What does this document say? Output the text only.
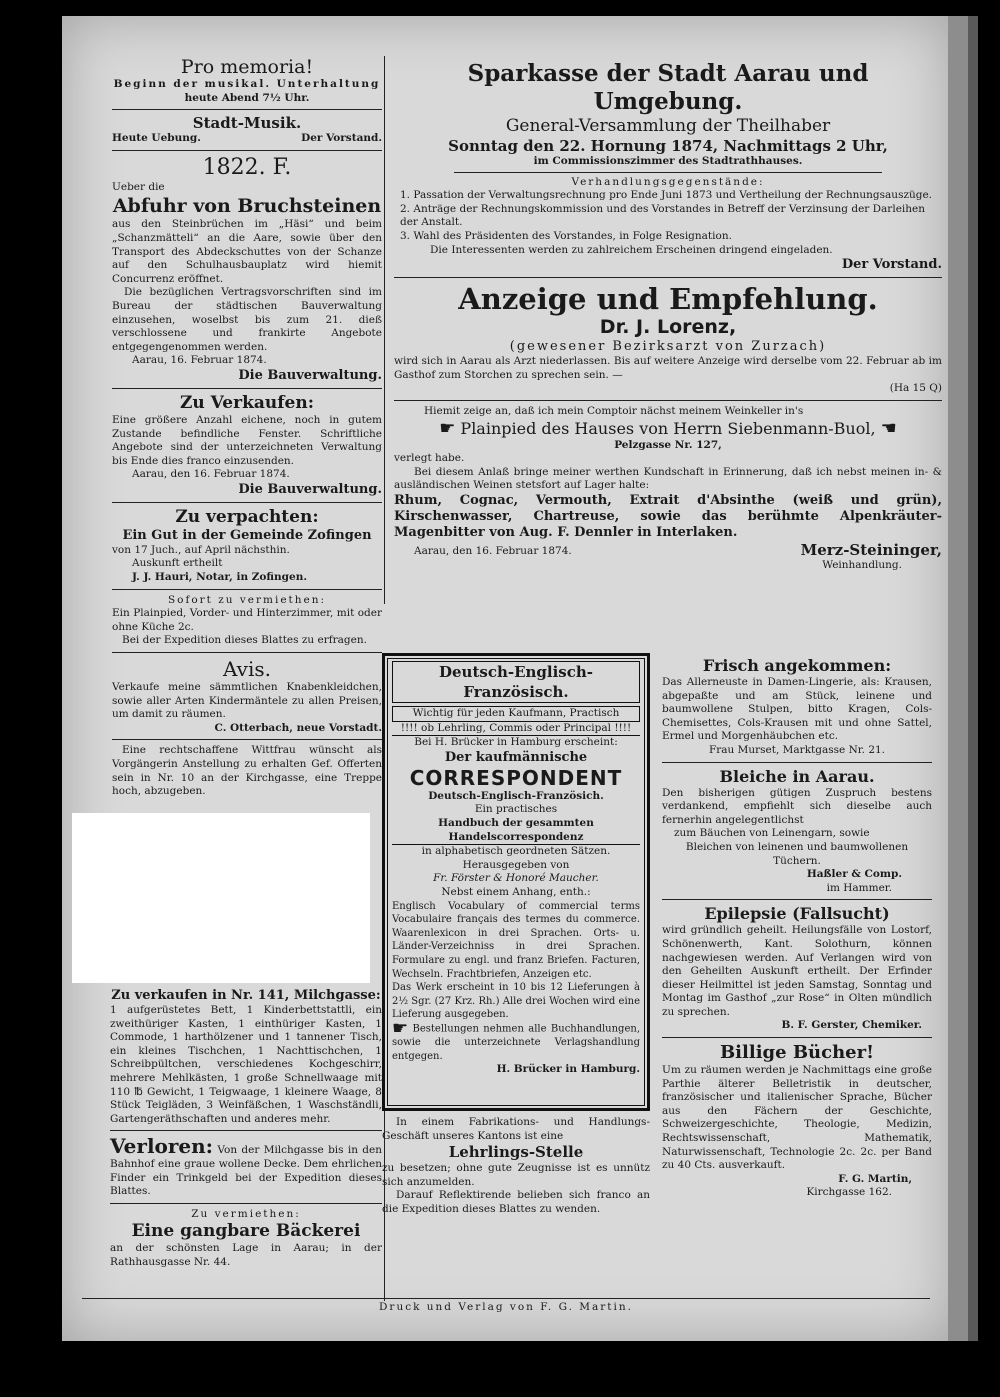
Pro memoria!

Beginn der musikal. Unterhaltung

heute Abend 7½ Uhr.

Stadt-Musik.

Heute Uebung.	Der Vorstand.

1822. F.

Ueber die

Abfuhr von Bruchsteinen

aus den Steinbrüchen im „Häsi“ und beim „Schanzmätteli“ an die Aare, sowie über den Transport des Abdeckschuttes von der Schanze auf den Schulhausbauplatz wird hiemit Concurrenz eröffnet.

Die bezüglichen Vertragsvorschriften sind im Bureau der städtischen Bauverwaltung einzusehen, woselbst bis zum 21. dieß verschlossene und frankirte Angebote entgegengenommen werden.

Aarau, 16. Februar 1874.

Die Bauverwaltung.

Zu Verkaufen:

Eine größere Anzahl eichene, noch in gutem Zustande befindliche Fenster. Schriftliche Angebote sind der unterzeichneten Verwaltung bis Ende dies franco einzusenden.

Aarau, den 16. Februar 1874.

Die Bauverwaltung.

Zu verpachten:

Ein Gut in der Gemeinde Zofingen

von 17 Juch., auf April nächsthin.

Auskunft ertheilt

J. J. Hauri, Notar, in Zofingen.

Sofort zu vermiethen:

Ein Plainpied, Vorder- und Hinterzimmer, mit oder ohne Küche 2c.

Bei der Expedition dieses Blattes zu erfragen.

Avis.

Verkaufe meine sämmtlichen Knabenkleidchen, sowie aller Arten Kindermäntele zu allen Preisen, um damit zu räumen.

C. Otterbach, neue Vorstadt.

Eine rechtschaffene Wittfrau wünscht als Vorgängerin Anstellung zu erhalten Gef. Offerten sein in Nr. 10 an der Kirchgasse, eine Treppe hoch, abzugeben.

Zu verkaufen in Nr. 141, Milchgasse:

1 aufgerüstetes Bett, 1 Kinderbettstattli, ein zweithüriger Kasten, 1 einthüriger Kasten, 1 Commode, 1 harthölzener und 1 tannener Tisch, ein kleines Tischchen, 1 Nachttischchen, 1 Schreibpültchen, verschiedenes Kochgeschirr, mehrere Mehlkästen, 1 große Schnellwaage mit 110 ℔ Gewicht, 1 Teigwaage, 1 kleinere Waage, 8 Stück Teigläden, 3 Weinfäßchen, 1 Waschständli, Gartengeräthschaften und anderes mehr.

Verloren: Von der Milchgasse bis in den Bahnhof eine graue wollene Decke. Dem ehrlichen Finder ein Trinkgeld bei der Expedition dieses Blattes.

Zu vermiethen:

Eine gangbare Bäckerei

an der schönsten Lage in Aarau; in der Rathhausgasse Nr. 44.

Sparkasse der Stadt Aarau und Umgebung.

General-Versammlung der Theilhaber

Sonntag den 22. Hornung 1874, Nachmittags 2 Uhr,

im Commissionszimmer des Stadtrathhauses.

Verhandlungsgegenstände:

1. Passation der Verwaltungsrechnung pro Ende Juni 1873 und Vertheilung der Rechnungsauszüge.

2. Anträge der Rechnungskommission und des Vorstandes in Betreff der Verzinsung der Darleihen der Anstalt.

3. Wahl des Präsidenten des Vorstandes, in Folge Resignation.

Die Interessenten werden zu zahlreichem Erscheinen dringend eingeladen.

Der Vorstand.

Anzeige und Empfehlung.

Dr. J. Lorenz,

(gewesener Bezirksarzt von Zurzach)

wird sich in Aarau als Arzt niederlassen. Bis auf weitere Anzeige wird derselbe vom 22. Februar ab im Gasthof zum Storchen zu sprechen sein. —

(Ha 15 Q)

Hiemit zeige an, daß ich mein Comptoir nächst meinem Weinkeller in's

☛ Plainpied des Hauses von Herrn Siebenmann-Buol, ☚

Pelzgasse Nr. 127,

verlegt habe.

Bei diesem Anlaß bringe meiner werthen Kundschaft in Erinnerung, daß ich nebst meinen in- & ausländischen Weinen stetsfort auf Lager halte:

Rhum, Cognac, Vermouth, Extrait d'Absinthe (weiß und grün), Kirschenwasser, Chartreuse, sowie das berühmte Alpenkräuter-Magenbitter von Aug. F. Dennler in Interlaken.

Aarau, den 16. Februar 1874.	Merz-Steininger,

Weinhandlung.

Deutsch-Englisch-Französisch.

Wichtig für jeden Kaufmann, Practisch

!!!! ob Lehrling, Commis oder Principal !!!!

Bei H. Brücker in Hamburg erscheint:

Der kaufmännische

CORRESPONDENT

Deutsch-Englisch-Französich.

Ein practisches

Handbuch der gesammten Handelscorrespondenz

in alphabetisch geordneten Sätzen.

Herausgegeben von

Fr. Förster & Honoré Maucher.

Nebst einem Anhang, enth.:

Englisch Vocabulary of commercial terms Vocabulaire français des termes du commerce. Waarenlexicon in drei Sprachen. Orts- u. Länder-Verzeichniss in drei Sprachen. Formulare zu engl. und franz Briefen. Facturen, Wechseln. Frachtbriefen, Anzeigen etc.

Das Werk erscheint in 10 bis 12 Lieferungen à 2½ Sgr. (27 Krz. Rh.) Alle drei Wochen wird eine Lieferung ausgegeben.

☛ Bestellungen nehmen alle Buchhandlungen, sowie die unterzeichnete Verlagshandlung entgegen.

H. Brücker in Hamburg.

In einem Fabrikations- und Handlungs-Geschäft unseres Kantons ist eine

Lehrlings-Stelle

zu besetzen; ohne gute Zeugnisse ist es unnütz sich anzumelden.

Darauf Reflektirende belieben sich franco an die Expedition dieses Blattes zu wenden.

Frisch angekommen:

Das Allerneuste in Damen-Lingerie, als: Krausen, abgepaßte und am Stück, leinene und baumwollene Stulpen, bitto Kragen, Cols-Chemisettes, Cols-Krausen mit und ohne Sattel, Ermel und Morgenhäubchen etc.

Frau Murset, Marktgasse Nr. 21.

Bleiche in Aarau.

Den bisherigen gütigen Zuspruch bestens verdankend, empfiehlt sich dieselbe auch fernerhin angelegentlichst

zum Bäuchen von Leinengarn, sowie

Bleichen von leinenen und baumwollenen Tüchern.

Haßler & Comp.

im Hammer.

Epilepsie (Fallsucht)

wird gründlich geheilt. Heilungsfälle von Lostorf, Schönenwerth, Kant. Solothurn, können nachgewiesen werden. Auf Verlangen wird von den Geheilten Auskunft ertheilt. Der Erfinder dieser Heilmittel ist jeden Samstag, Sonntag und Montag im Gasthof „zur Rose“ in Olten mündlich zu sprechen.

B. F. Gerster, Chemiker.

Billige Bücher!

Um zu räumen werden je Nachmittags eine große Parthie älterer Belletristik in deutscher, französischer und italienischer Sprache, Bücher aus den Fächern der Geschichte, Schweizergeschichte, Theologie, Medizin, Rechtswissenschaft, Mathematik, Naturwissenschaft, Technologie 2c. 2c. per Band zu 40 Cts. ausverkauft.

F. G. Martin,

Kirchgasse 162.

Druck und Verlag von F. G. Martin.
